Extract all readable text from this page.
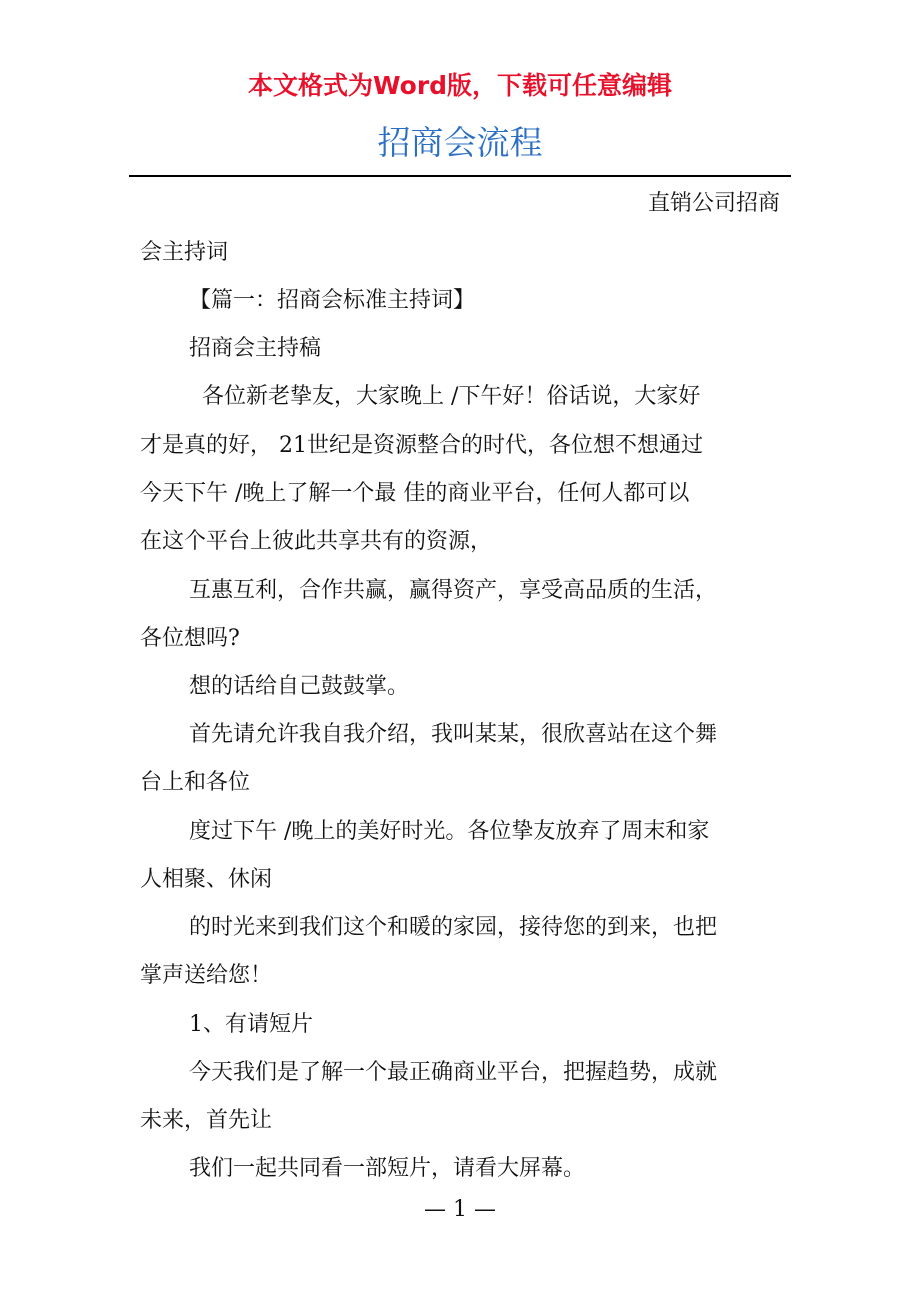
本文格式为Word版，下载可任意编辑
招商会流程
直销公司招商
会主持词
【篇一：招商会标准主持词】
招商会主持稿
各位新老挚友，大家晚上 /下午好！俗话说，大家好
才是真的好， 21世纪是资源整合的时代，各位想不想通过
今天下午 /晚上了解一个最 佳的商业平台，任何人都可以
在这个平台上彼此共享共有的资源，
互惠互利，合作共赢，赢得资产，享受高品质的生活，
各位想吗?
想的话给自己鼓鼓掌。
首先请允许我自我介绍，我叫某某，很欣喜站在这个舞
台上和各位
度过下午 /晚上的美好时光。各位挚友放弃了周末和家
人相聚、休闲
的时光来到我们这个和暖的家园，接待您的到来，也把
掌声送给您！
1、有请短片
今天我们是了解一个最正确商业平台，把握趋势，成就
未来，首先让
我们一起共同看一部短片，请看大屏幕。
— 1 —
